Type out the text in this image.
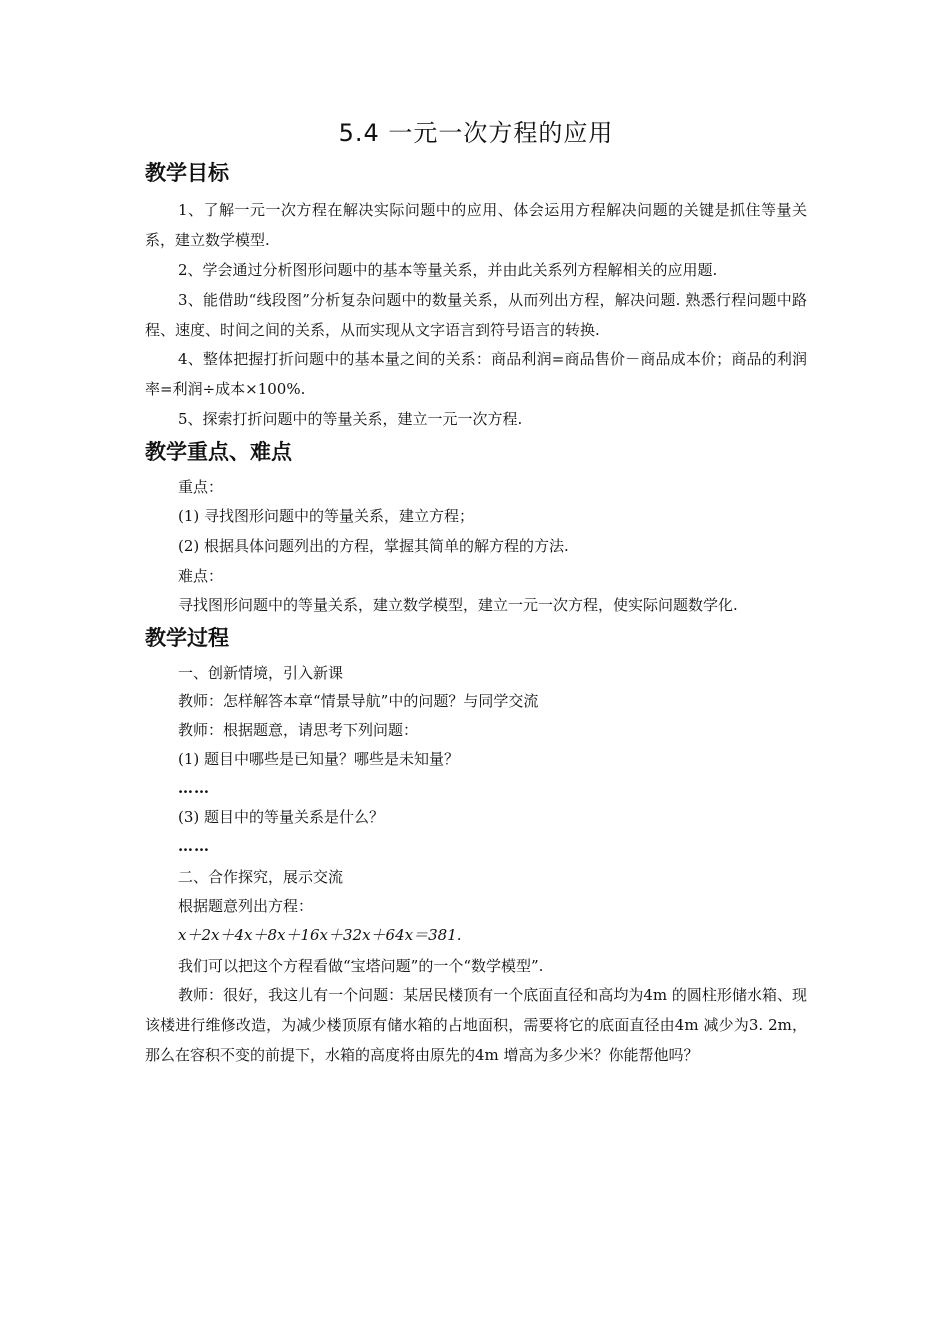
5.4 一元一次方程的应用
教学目标
1、了解一元一次方程在解决实际问题中的应用、体会运用方程解决问题的关键是抓住等量关系，建立数学模型.
2、学会通过分析图形问题中的基本等量关系，并由此关系列方程解相关的应用题.
3、能借助“线段图”分析复杂问题中的数量关系，从而列出方程，解决问题. 熟悉行程问题中路程、速度、时间之间的关系，从而实现从文字语言到符号语言的转换.
4、整体把握打折问题中的基本量之间的关系：商品利润=商品售价－商品成本价；商品的利润率=利润÷成本×100%.
5、探索打折问题中的等量关系，建立一元一次方程.
教学重点、难点
重点：
(1) 寻找图形问题中的等量关系，建立方程；
(2) 根据具体问题列出的方程，掌握其简单的解方程的方法.
难点：
寻找图形问题中的等量关系，建立数学模型，建立一元一次方程，使实际问题数学化.
教学过程
一、创新情境，引入新课
教师：怎样解答本章“情景导航”中的问题？与同学交流
教师：根据题意，请思考下列问题：
(1) 题目中哪些是已知量？哪些是未知量？
……
(3) 题目中的等量关系是什么？
……
二、合作探究，展示交流
根据题意列出方程：
x＋2x＋4x＋8x＋16x＋32x＋64x＝381.
我们可以把这个方程看做“宝塔问题”的一个“数学模型”.
教师：很好，我这儿有一个问题：某居民楼顶有一个底面直径和高均为4m 的圆柱形储水箱、现该楼进行维修改造，为减少楼顶原有储水箱的占地面积，需要将它的底面直径由4m 减少为3. 2m，那么在容积不变的前提下，水箱的高度将由原先的4m 增高为多少米？你能帮他吗？
